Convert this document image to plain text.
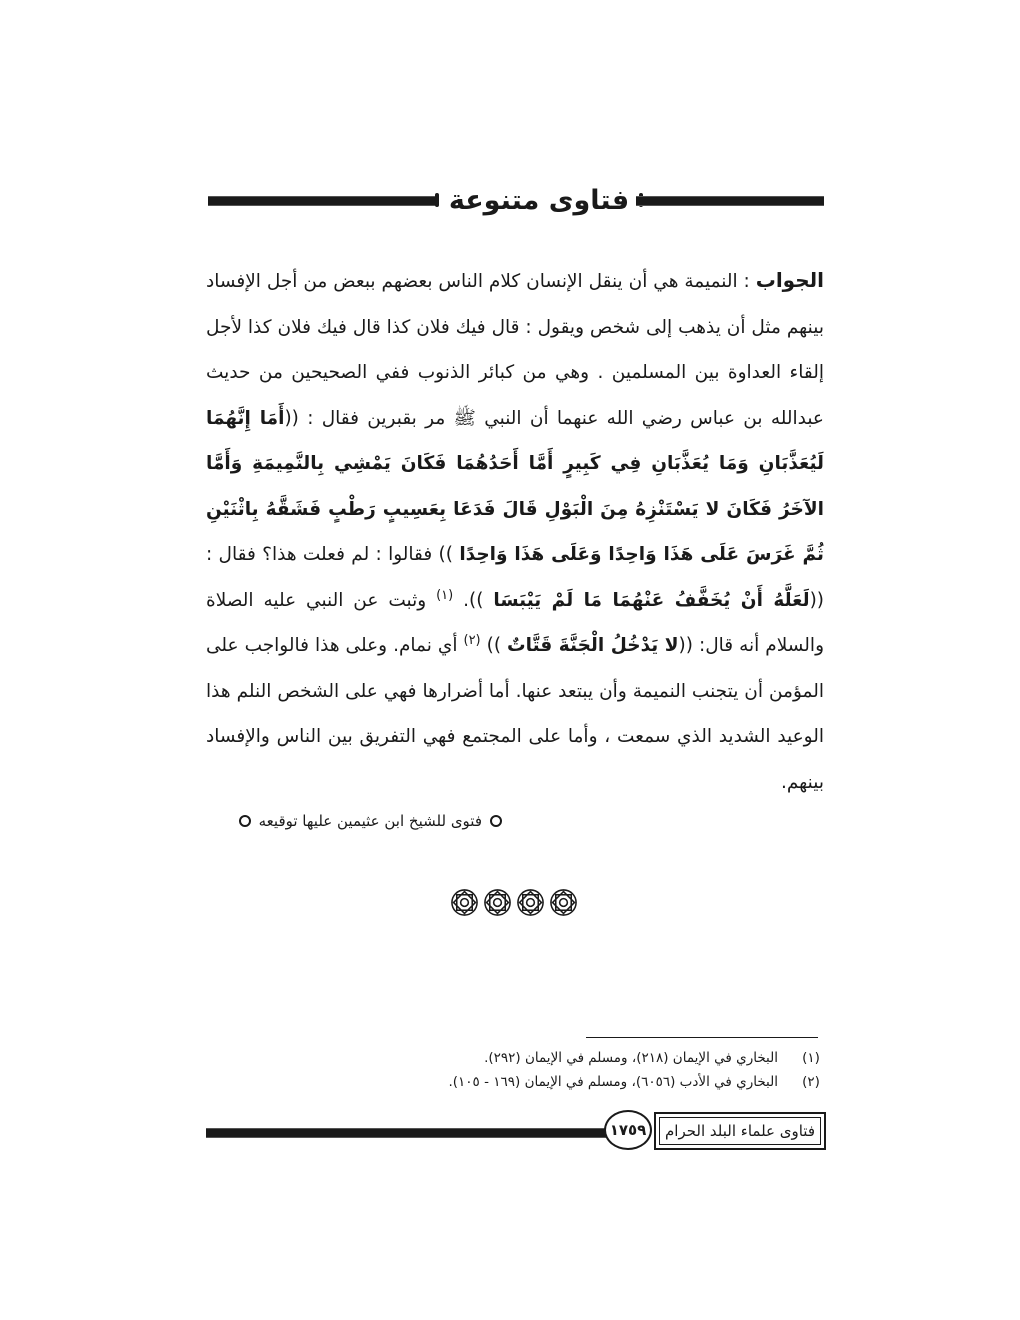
فتاوى متنوعة

الجواب : النميمة هي أن ينقل الإنسان كلام الناس بعضهم ببعض من أجل الإفساد بينهم مثل أن يذهب إلى شخص ويقول : قال فيك فلان كذا قال فيك فلان كذا لأجل إلقاء العداوة بين المسلمين . وهي من كبائر الذنوب ففي الصحيحين من حديث عبدالله بن عباس رضي الله عنهما أن النبي ﷺ مر بقبرين فقال : ((أَمَا إِنَّهُمَا لَيُعَذَّبَانِ وَمَا يُعَذَّبَانِ فِي كَبِيرٍ أَمَّا أَحَدُهُمَا فَكَانَ يَمْشِي بِالنَّمِيمَةِ وَأَمَّا الآخَرُ فَكَانَ لا يَسْتَنْزِهُ مِنَ الْبَوْلِ قَالَ فَدَعَا بِعَسِيبٍ رَطْبٍ فَشَقَّهُ بِاثْنَيْنِ ثُمَّ غَرَسَ عَلَى هَذَا وَاحِدًا وَعَلَى هَذَا وَاحِدًا )) فقالوا : لم فعلت هذا؟ فقال : ((لَعَلَّهُ أَنْ يُخَفَّفُ عَنْهُمَا مَا لَمْ يَيْبَسَا )). $^{(١)}$ وثبت عن النبي عليه الصلاة والسلام أنه قال: ((لا يَدْخُلُ الْجَنَّةَ قَتَّاتٌ )) $^{(٢)}$ أي نمام. وعلى هذا فالواجب على المؤمن أن يتجنب النميمة وأن يبتعد عنها. أما أضرارها فهي على الشخص النلم هذا الوعيد الشديد الذي سمعت ، وأما على المجتمع فهي التفريق بين الناس والإفساد بينهم.

فتوى للشيخ ابن عثيمين عليها توقيعه
(١)
البخاري في الإيمان (٢١٨)، ومسلم في الإيمان (٢٩٢).
(٢)
البخاري في الأدب (٦٠٥٦)، ومسلم في الإيمان (١٦٩ - ١٠٥).
١٧٥٩	فتاوى علماء البلد الحرام
